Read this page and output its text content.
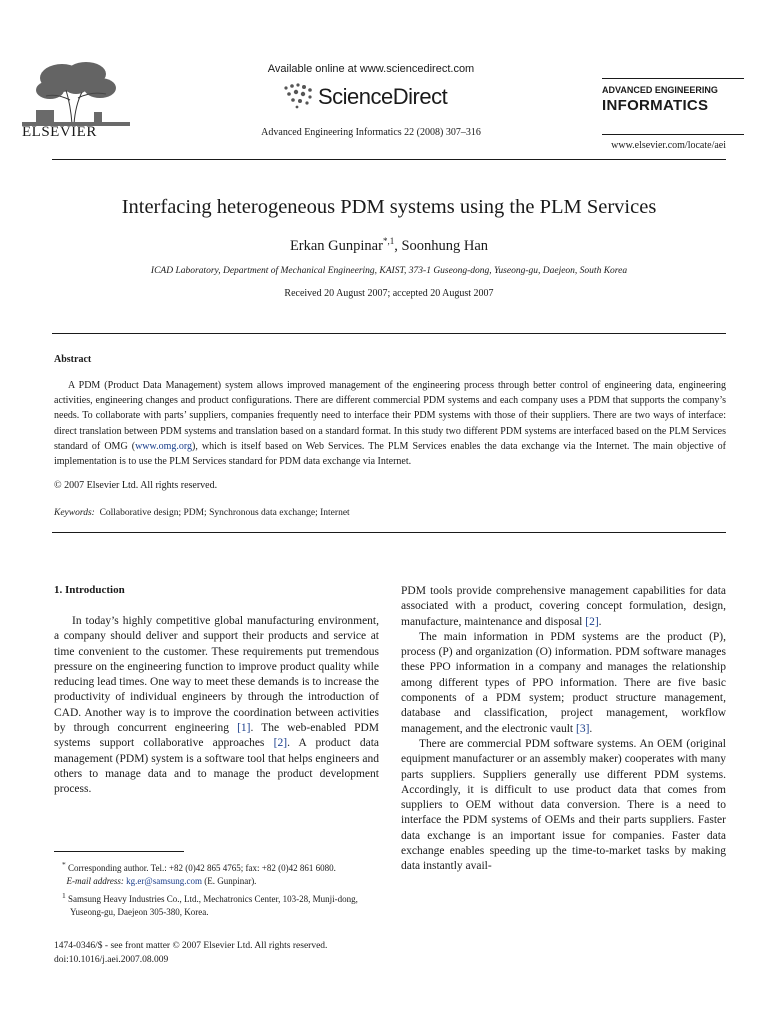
ELSEVIER
Available online at www.sciencedirect.com
ScienceDirect
Advanced Engineering Informatics 22 (2008) 307–316
ADVANCED ENGINEERING
INFORMATICS
www.elsevier.com/locate/aei
Interfacing heterogeneous PDM systems using the PLM Services
Erkan Gunpinar$^{*,1}$, Soonhung Han
ICAD Laboratory, Department of Mechanical Engineering, KAIST, 373-1 Guseong-dong, Yuseong-gu, Daejeon, South Korea
Received 20 August 2007; accepted 20 August 2007
Abstract
A PDM (Product Data Management) system allows improved management of the engineering process through better control of engineering data, engineering activities, engineering changes and product configurations. There are different commercial PDM systems and each company uses a PDM that supports the company’s needs. To collaborate with parts’ suppliers, companies frequently need to interface their PDM systems with those of their suppliers. There are two ways of interface: direct translation between PDM systems and translation based on a standard format. In this study two different PDM systems are interfaced based on the PLM Services standard of OMG (www.omg.org), which is itself based on Web Services. The PLM Services enables the data exchange via the Internet. The main objective of implementation is to use the PLM Services standard for PDM data exchange via Internet.
© 2007 Elsevier Ltd. All rights reserved.
Keywords: Collaborative design; PDM; Synchronous data exchange; Internet
1. Introduction

In today’s highly competitive global manufacturing environment, a company should deliver and support their products and service at time convenient to the customer. These requirements put tremendous pressure on the engineering function to improve product quality while reducing lead times. One way to meet these demands is to increase the productivity of individual engineers by through the introduction of CAD. Another way is to improve the coordination between activities by through concurrent engineering [1]. The web-enabled PDM systems support collaborative approaches [2]. A product data management (PDM) system is a software tool that helps engineers and others to manage data and to manage the product development process.

* Corresponding author. Tel.: +82 (0)42 865 4765; fax: +82 (0)42 861 6080.

E-mail address: kg.er@samsung.com (E. Gunpinar).

$^1$ Samsung Heavy Industries Co., Ltd., Mechatronics Center, 103-28, Munji-dong, Yuseong-gu, Daejeon 305-380, Korea.

1474-0346/$ - see front matter © 2007 Elsevier Ltd. All rights reserved.
doi:10.1016/j.aei.2007.08.009

PDM tools provide comprehensive management capabilities for data associated with a product, covering concept formulation, design, manufacture, maintenance and disposal [2].

The main information in PDM systems are the product (P), process (P) and organization (O) information. PDM software manages these PPO information in a company and manages the relationship among different types of PPO information. There are five basic components of a PDM system; product structure management, database and classification, project management, workflow management, and the electronic vault [3].

There are commercial PDM software systems. An OEM (original equipment manufacturer or an assembly maker) cooperates with many parts suppliers. Suppliers generally use different PDM systems. Accordingly, it is difficult to use product data that comes from suppliers to OEM without data conversion. There is a need to interface the PDM systems of OEMs and their parts suppliers. Faster data exchange is an important issue for companies. Faster data exchange enables speeding up the time-to-market tasks by making data instantly avail-
